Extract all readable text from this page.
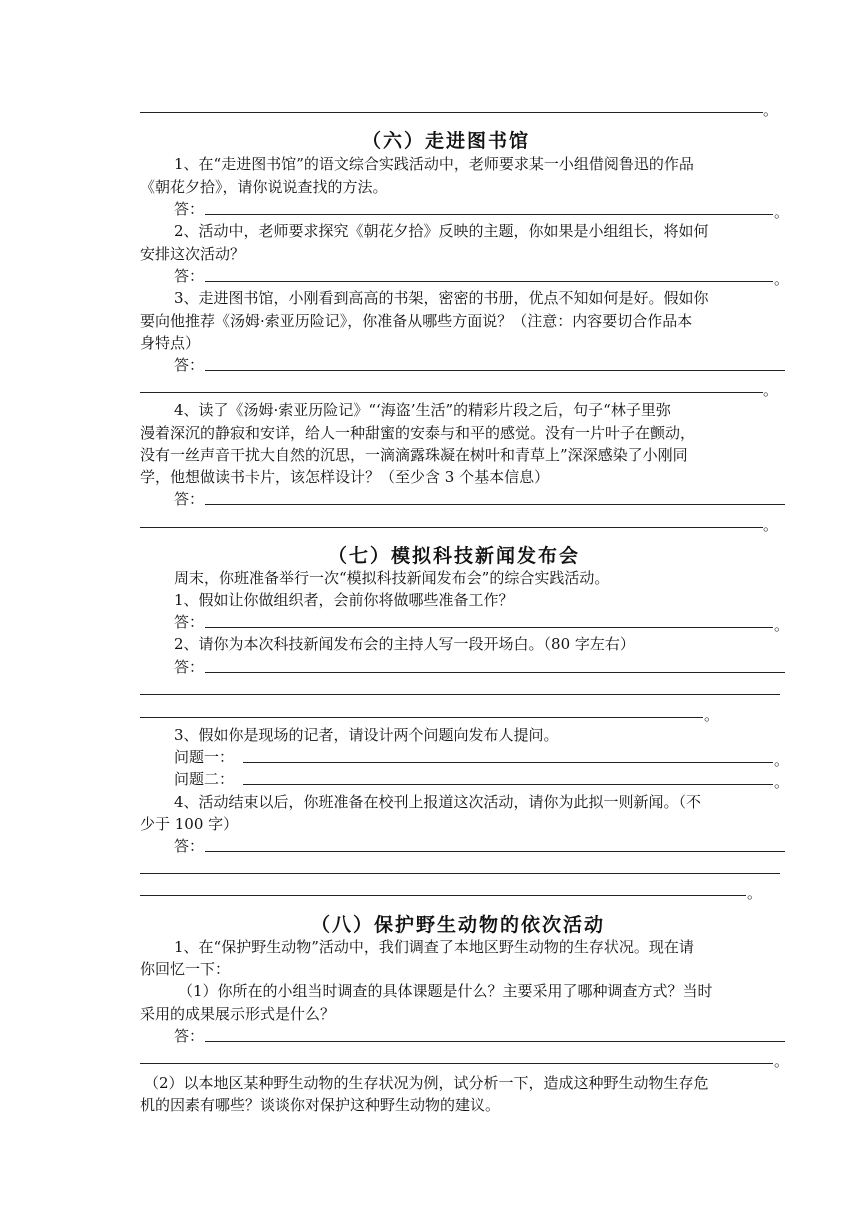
。
（六）走进图书馆
1、在“走进图书馆”的语文综合实践活动中，老师要求某一小组借阅鲁迅的作品
《朝花夕拾》，请你说说查找的方法。
答：	。
2、活动中，老师要求探究《朝花夕拾》反映的主题，你如果是小组组长，将如何
安排这次活动？
答：	。
3、走进图书馆，小刚看到高高的书架，密密的书册，优点不知如何是好。假如你
要向他推荐《汤姆·索亚历险记》，你准备从哪些方面说？（注意：内容要切合作品本
身特点）
答：
。
4、读了《汤姆·索亚历险记》“‘海盗’生活”的精彩片段之后，句子“林子里弥
漫着深沉的静寂和安详，给人一种甜蜜的安泰与和平的感觉。没有一片叶子在颤动，
没有一丝声音干扰大自然的沉思，一滴滴露珠凝在树叶和青草上”深深感染了小刚同
学，他想做读书卡片，该怎样设计？（至少含 3 个基本信息）
答：
。
（七）模拟科技新闻发布会
周末，你班准备举行一次“模拟科技新闻发布会”的综合实践活动。
1、假如让你做组织者，会前你将做哪些准备工作？
答：	。
2、请你为本次科技新闻发布会的主持人写一段开场白。（80 字左右）
答：
。
3、假如你是现场的记者，请设计两个问题向发布人提问。
问题一：	。
问题二：	。
4、活动结束以后，你班准备在校刊上报道这次活动，请你为此拟一则新闻。（不
少于 100 字）
答：
。
（八）保护野生动物的依次活动
1、在“保护野生动物”活动中，我们调查了本地区野生动物的生存状况。现在请
你回忆一下：
（1）你所在的小组当时调查的具体课题是什么？主要采用了哪种调查方式？当时
采用的成果展示形式是什么？
答：
。
（2）以本地区某种野生动物的生存状况为例，试分析一下，造成这种野生动物生存危
机的因素有哪些？谈谈你对保护这种野生动物的建议。
